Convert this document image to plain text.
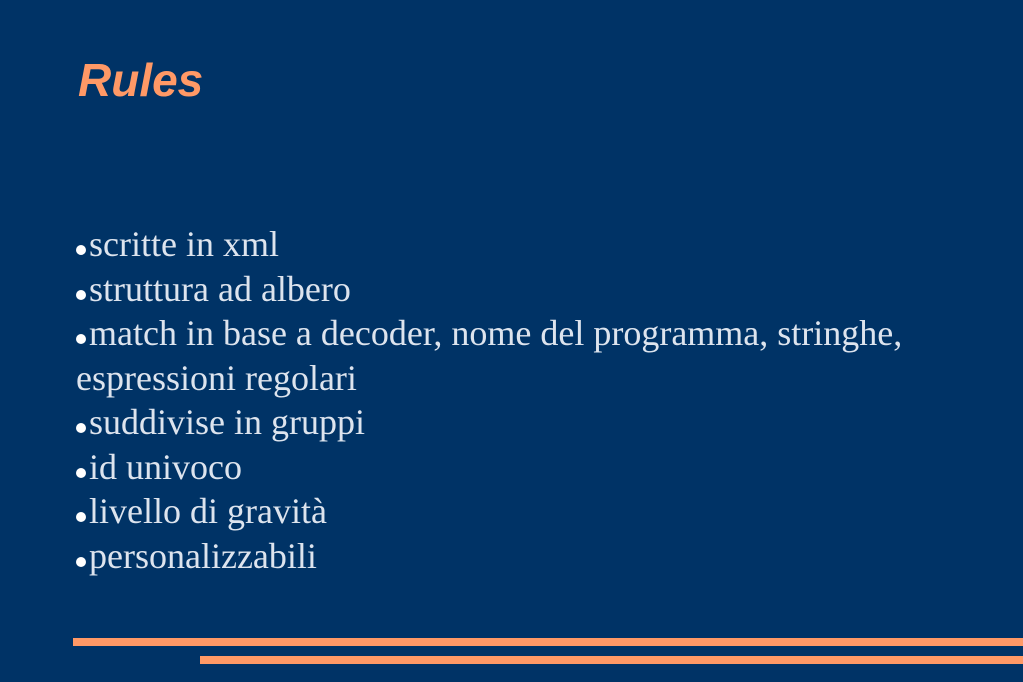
Rules
scritte in xml
struttura ad albero
match in base a decoder, nome del programma, stringhe, espressioni regolari
suddivise in gruppi
id univoco
livello di gravità
personalizzabili
